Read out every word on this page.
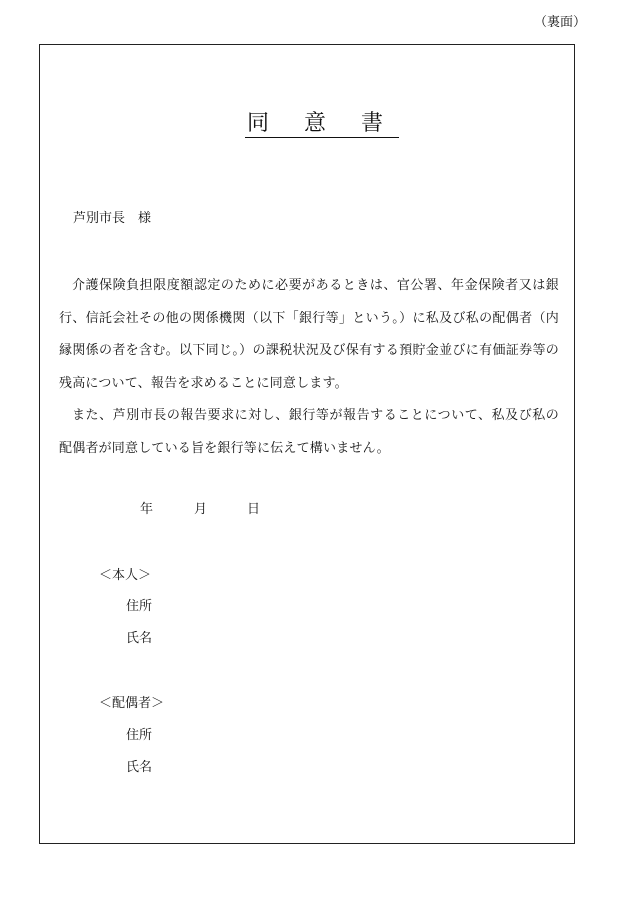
（裏面）
同 意 書
芦別市長　様

介護保険負担限度額認定のために必要があるときは、官公署、年金保険者又は銀行、信託会社その他の関係機関（以下「銀行等」という。）に私及び私の配偶者（内縁関係の者を含む。以下同じ。）の課税状況及び保有する預貯金並びに有価証券等の残高について、報告を求めることに同意します。

また、芦別市長の報告要求に対し、銀行等が報告することについて、私及び私の配偶者が同意している旨を銀行等に伝えて構いません。

年	月	日
＜本人＞
住所
氏名
＜配偶者＞
住所
氏名
